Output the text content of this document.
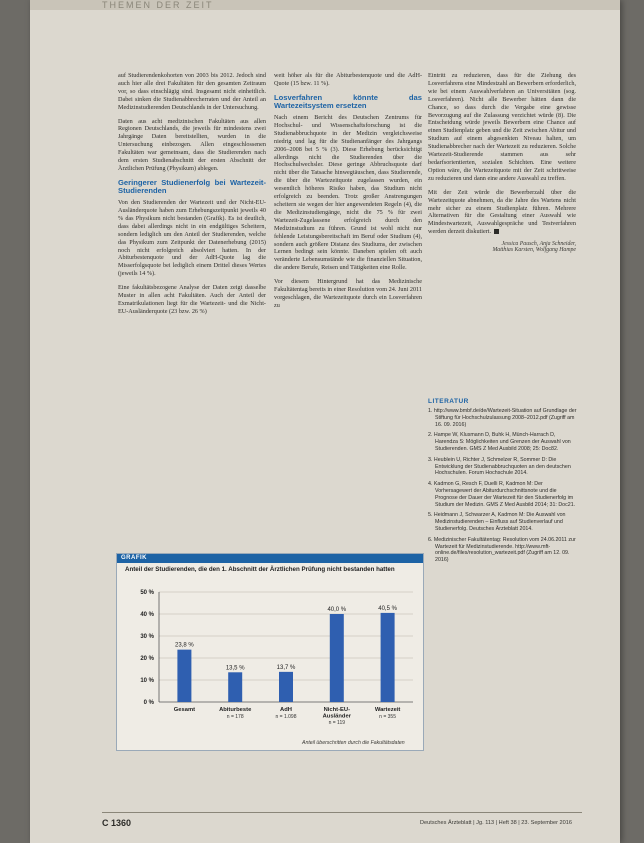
THEMEN DER ZEIT

auf Studierendenkohorten von 2003 bis 2012. Jedoch sind auch hier alle drei Fakultäten für den gesamten Zeitraum vor, so dass einschlägig sind. Insgesamt nicht einheitlich. Dabei sinken die Studienabbrecherraten und der Anteil an Medizinstudierenden Deutschlands in der Untersuchung.

Daten aus acht medizinischen Fakultäten aus allen Regionen Deutschlands, die jeweils für mindestens zwei Jahrgänge Daten bereitstellten, wurden in die Untersuchung einbezogen. Allen eingeschlossenen Fakultäten war gemeinsam, dass die Studierenden nach dem ersten Studienabschnitt der ersten Abschnitt der Ärztlichen Prüfung (Physikum) ablegen.

Geringerer Studienerfolg bei Wartezeit-Studierenden

Von den Studierenden der Wartezeit und der Nicht-EU-Ausländerquote haben zum Erhebungszeitpunkt jeweils 40 % das Physikum nicht bestanden (Grafik). Es ist deutlich, dass dabei allerdings nicht in ein endgültiges Scheitern, sondern lediglich um den Anteil der Studierenden, welche das Physikum zum Zeitpunkt der Datenerhebung (2015) noch nicht erfolgreich absolviert hatten. In der Abiturbestenquote und der AdH-Quote lag die Misserfolgsquote bei lediglich einem Drittel dieses Wertes (jeweils 14 %).

Eine fakultätsbezogene Analyse der Daten zeigt dasselbe Muster in allen acht Fakultäten. Auch der Anteil der Exmatrikulationen liegt für die Wartezeit- und die Nicht-EU-Ausländerquote (23 bzw. 26 %)

weit höher als für die Abiturbestenquote und die AdH-Quote (15 bzw. 11 %).

Losverfahren könnte das Wartezeitsystem ersetzen

Nach einem Bericht des Deutschen Zentrums für Hochschul- und Wissenschaftsforschung ist die Studienabbruchquote in der Medizin vergleichsweise niedrig und lag für die Studienanfänger des Jahrgangs 2006–2008 bei 5 % (3). Diese Erhebung berücksichtigt allerdings nicht die Studierenden über die Hochschulwechsler. Diese geringe Abbruchsquote darf nicht über die Tatsache hinwegtäuschen, dass Studierende, die über die Wartezeitquote zugelassen wurden, ein wesentlich höheres Risiko haben, das Studium nicht erfolgreich zu beenden. Trotz großer Anstrengungen scheitern sie wegen der hier angewendeten Regeln (4), die die Medizinstudiengänge, nicht die 75 % für zwei Wartezeit-Zugelassene erfolgreich durch den Medizinstudium zu führen. Grund ist wohl nicht nur fehlende Leistungsbereitschaft im Beruf oder Studium (4), sondern auch größere Distanz des Studiums, der zwischen Lernen bedingt sein könnte. Daneben spielen oft auch veränderte Lebensumstände wie die finanziellen Situation, die andere Berufe, Reisen und Tätigkeiten eine Rolle.

Vor diesem Hintergrund hat das Medizinische Fakultätentag bereits in einer Resolution vom 24. Juni 2011 vorgeschlagen, die Wartezeitquote durch ein Losverfahren zu

Eintritt zu reduzieren, dass für die Ziehung des Losverfahrens eine Mindestzahl an Bewerbern erforderlich, wie bei einem Auswahlverfahren an Universitäten (sog. Losverfahren). Nicht alle Bewerber hätten dann die Chance, so dass durch die Vergabe eine gewisse Bevorzugung auf die Zulassung verzichtet würde (8). Die Entscheidung würde jeweils Bewerbern eine Chance auf einen Studienplatz geben und die Zeit zwischen Abitur und Studium auf einem abgesenkten Niveau halten, um Studienabbrecher nach der Wartezeit zu reduzieren. Solche Wartezeit-Studierende stammen aus sehr bedarfsorientierten, sozialen Schichten. Eine weitere Option wäre, die Wartezeitquote mit der Zeit schrittweise zu reduzieren und dann eine andere Auswahl zu treffen.

Mit der Zeit würde die Bewerberzahl über die Wartezeitquote abnehmen, da die Jahre des Wartens nicht mehr sicher zu einem Studienplatz führen. Mehrere Alternativen für die Gestaltung einer Auswahl wie Mindestwartezeit, Auswahlgespräche und Testverfahren werden derzeit diskutiert.

Jessica Pausch, Anja Schneider,
Matthias Karsten, Wolfgang Hampe
LITERATUR
1. http://www.bmbf.de/de/Wartezeit-Situation auf Grundlage der Stiftung für Hochschulzulassung 2008–2012.pdf (Zugriff am 16. 09. 2016)
2. Hampe W, Klusmann D, Buhk H, Münch-Harrach D, Harendza S: Möglichkeiten und Grenzen der Auswahl von Studierenden. GMS Z Med Ausbild 2008; 25: Doc82.
3. Heublein U, Richter J, Schmelzer R, Sommer D: Die Entwicklung der Studienabbruchquoten an den deutschen Hochschulen. Forum Hochschule 2014.
4. Kadmon G, Resch F, Duelli R, Kadmon M: Der Vorhersagewert der Abiturdurchschnittsnote und die Prognose der Dauer der Wartezeit für den Studienerfolg im Studium der Medizin. GMS Z Med Ausbild 2014; 31: Doc21.
5. Heidmann J, Schwarzer A, Kadmon M: Die Auswahl von Medizinstudierenden – Einfluss auf Studienverlauf und Studienerfolg. Deutsches Ärzteblatt 2014.
6. Medizinischer Fakultätentag: Resolution vom 24.06.2011 zur Wartezeit für Medizinstudierende. http://www.mft-online.de/files/resolution_wartezeit.pdf (Zugriff am 12. 09. 2016)
GRAFIK
Anteil der Studierenden, die den 1. Abschnitt der Ärztlichen Prüfung nicht bestanden hatten
0 %
10 %
20 %
30 %
40 %
50 %
23,8 %
Gesamt
13,5 %
Abiturbeste
n = 178
13,7 %
AdH
n = 1.098
40,0 %
Nicht-EU-Ausländer
n = 119
40,5 %
Wartezeit
n = 355
Anteil überschritten durch die Fakultätsdaten
C 1360	Deutsches Ärzteblatt | Jg. 113 | Heft 38 | 23. September 2016
